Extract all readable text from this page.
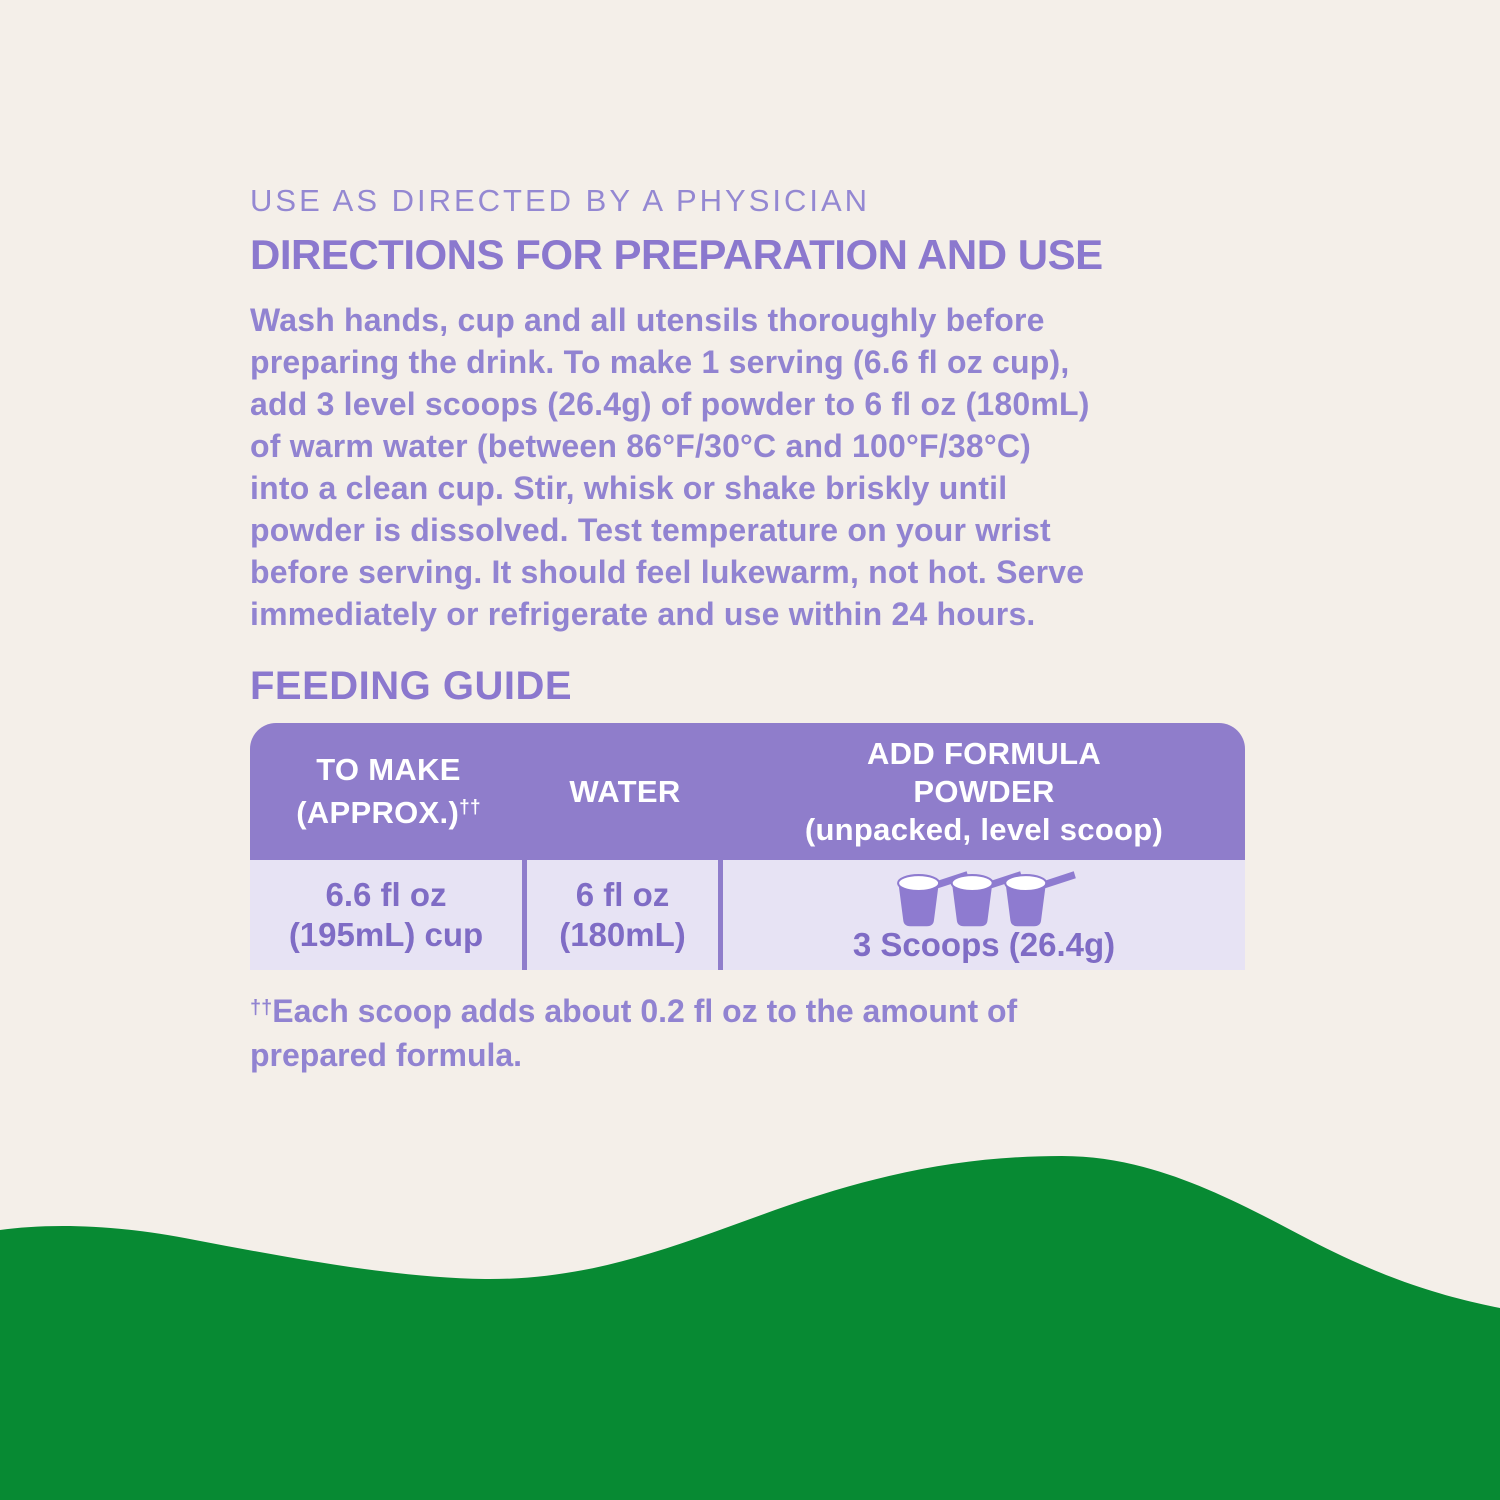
USE AS DIRECTED BY A PHYSICIAN
DIRECTIONS FOR PREPARATION AND USE
Wash hands, cup and all utensils thoroughly before
preparing the drink. To make 1 serving (6.6 fl oz cup),
add 3 level scoops (26.4g) of powder to 6 fl oz (180mL)
of warm water (between 86°F/30°C and 100°F/38°C)
into a clean cup. Stir, whisk or shake briskly until
powder is dissolved. Test temperature on your wrist
before serving. It should feel lukewarm, not hot. Serve
immediately or refrigerate and use within 24 hours.
FEEDING GUIDE
TO MAKE
(APPROX.)††	WATER
ADD FORMULA
POWDER
(unpacked, level scoop)
6.6 fl oz
(195mL) cup
6 fl oz
(180mL)	3 Scoops (26.4g)
††Each scoop adds about 0.2 fl oz to the amount of
prepared formula.
